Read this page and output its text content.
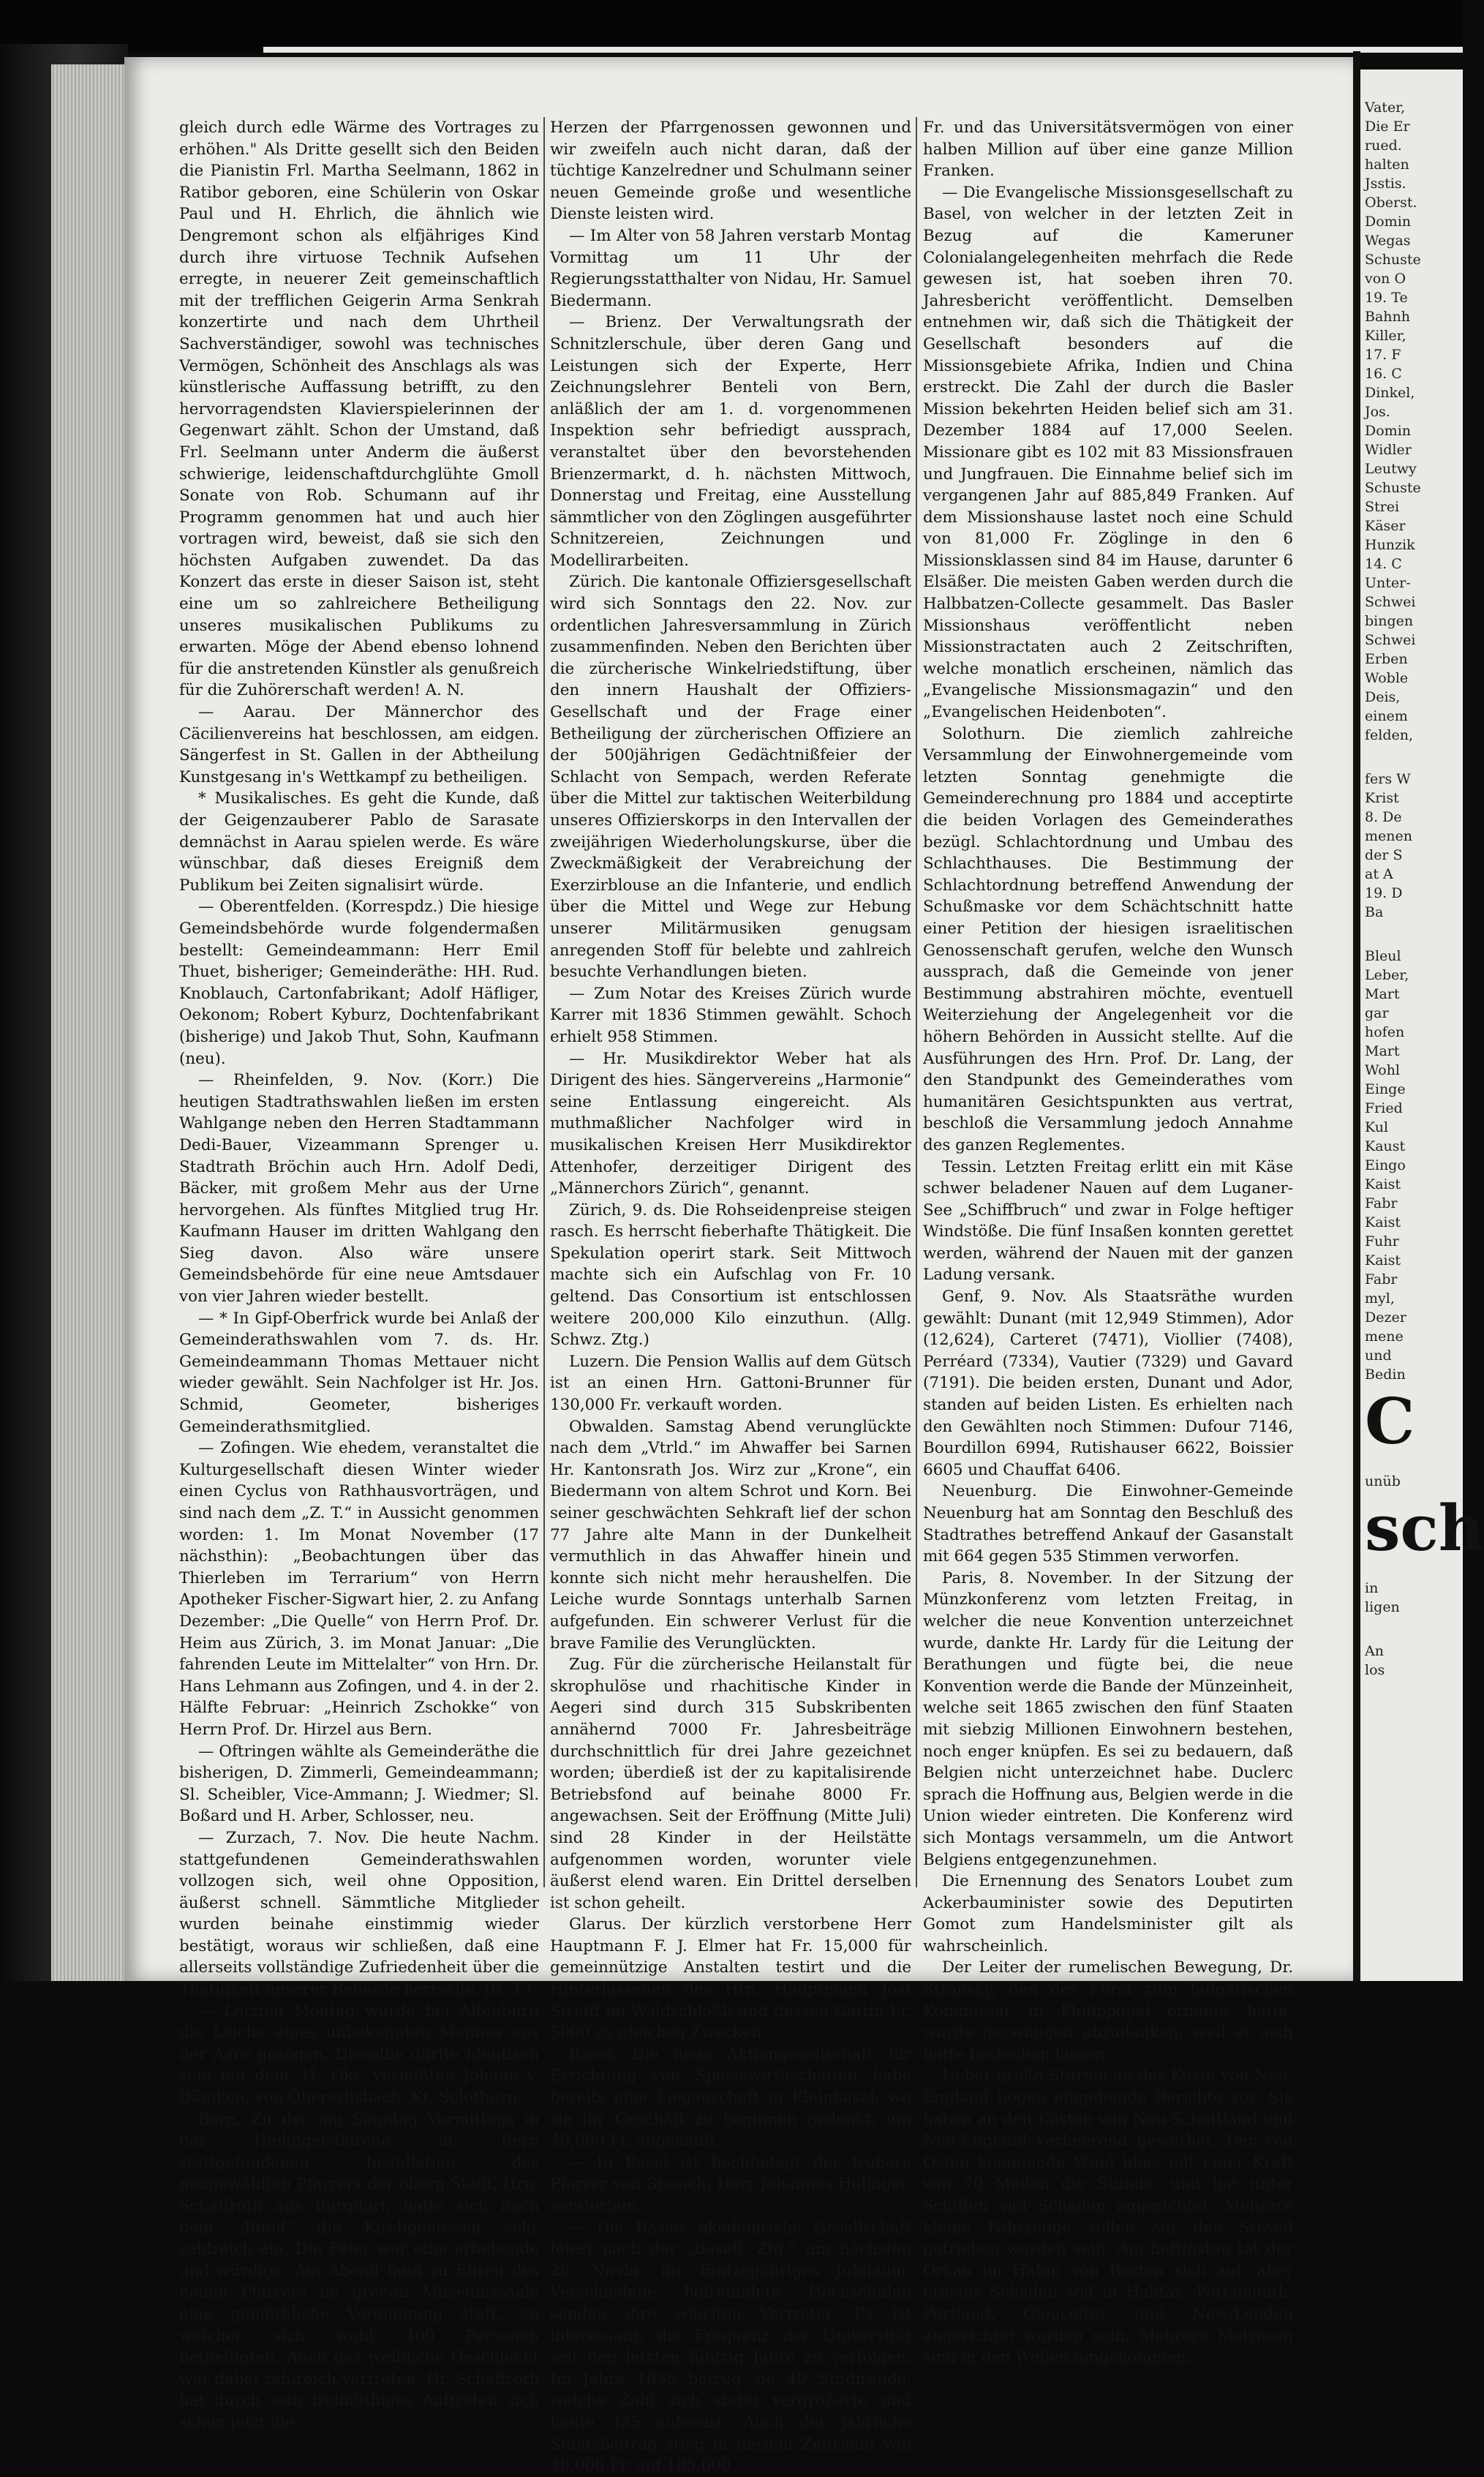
gleich durch edle Wärme des Vortrages zu erhöhen." Als Dritte gesellt sich den Beiden die Pianistin Frl. Martha Seelmann, 1862 in Ratibor geboren, eine Schülerin von Oskar Paul und H. Ehrlich, die ähnlich wie Dengremont schon als elfjähriges Kind durch ihre virtuose Technik Aufsehen erregte, in neuerer Zeit gemeinschaftlich mit der trefflichen Geigerin Arma Senkrah konzertirte und nach dem Uhrtheil Sachverständiger, sowohl was technisches Vermögen, Schönheit des Anschlags als was künstlerische Auffassung betrifft, zu den hervorragendsten Klavierspielerinnen der Gegenwart zählt. Schon der Umstand, daß Frl. Seelmann unter Anderm die äußerst schwierige, leidenschaftdurchglühte Gmoll Sonate von Rob. Schumann auf ihr Programm genommen hat und auch hier vortragen wird, beweist, daß sie sich den höchsten Aufgaben zuwendet. Da das Konzert das erste in dieser Saison ist, steht eine um so zahlreichere Betheiligung unseres musikalischen Publikums zu erwarten. Möge der Abend ebenso lohnend für die anstretenden Künstler als genußreich für die Zuhörerschaft werden! A. N.

— Aarau. Der Männerchor des Cäcilienvereins hat beschlossen, am eidgen. Sängerfest in St. Gallen in der Abtheilung Kunstgesang in's Wettkampf zu betheiligen.

* Musikalisches. Es geht die Kunde, daß der Geigenzauberer Pablo de Sarasate demnächst in Aarau spielen werde. Es wäre wünschbar, daß dieses Ereigniß dem Publikum bei Zeiten signalisirt würde.

— Oberentfelden. (Korrespdz.) Die hiesige Gemeindsbehörde wurde folgendermaßen bestellt: Gemeindeammann: Herr Emil Thuet, bisheriger; Gemeinderäthe: HH. Rud. Knoblauch, Cartonfabrikant; Adolf Häfliger, Oekonom; Robert Kyburz, Dochtenfabrikant (bisherige) und Jakob Thut, Sohn, Kaufmann (neu).

— Rheinfelden, 9. Nov. (Korr.) Die heutigen Stadtrathswahlen ließen im ersten Wahlgange neben den Herren Stadtammann Dedi-Bauer, Vizeammann Sprenger u. Stadtrath Bröchin auch Hrn. Adolf Dedi, Bäcker, mit großem Mehr aus der Urne hervorgehen. Als fünftes Mitglied trug Hr. Kaufmann Hauser im dritten Wahlgang den Sieg davon. Also wäre unsere Gemeindsbehörde für eine neue Amtsdauer von vier Jahren wieder bestellt.

— * In Gipf-Oberfrick wurde bei Anlaß der Gemeinderathswahlen vom 7. ds. Hr. Gemeindeammann Thomas Mettauer nicht wieder gewählt. Sein Nachfolger ist Hr. Jos. Schmid, Geometer, bisheriges Gemeinderathsmitglied.

— Zofingen. Wie ehedem, veranstaltet die Kulturgesellschaft diesen Winter wieder einen Cyclus von Rathhausvorträgen, und sind nach dem „Z. T.“ in Aussicht genommen worden: 1. Im Monat November (17 nächsthin): „Beobachtungen über das Thierleben im Terrarium“ von Herrn Apotheker Fischer-Sigwart hier, 2. zu Anfang Dezember: „Die Quelle“ von Herrn Prof. Dr. Heim aus Zürich, 3. im Monat Januar: „Die fahrenden Leute im Mittelalter“ von Hrn. Dr. Hans Lehmann aus Zofingen, und 4. in der 2. Hälfte Februar: „Heinrich Zschokke“ von Herrn Prof. Dr. Hirzel aus Bern.

— Oftringen wählte als Gemeinderäthe die bisherigen, D. Zimmerli, Gemeindeammann; Sl. Scheibler, Vice-Ammann; J. Wiedmer; Sl. Boßard und H. Arber, Schlosser, neu.

— Zurzach, 7. Nov. Die heute Nachm. stattgefundenen Gemeinderathswahlen vollzogen sich, weil ohne Opposition, äußerst schnell. Sämmtliche Mitglieder wurden beinahe einstimmig wieder bestätigt, woraus wir schließen, daß eine allerseits vollständige Zufriedenheit über die Thätigkeit unserer Behörde herrsche. (B. T.)

— Letzten Montag wurde bei Altenburg die Leiche eines unbekannten Mannes aus der Aare gezogen. Dieselbe dürfte identisch sein mit dem 31. Okt. vermißten Johann v. Däniken, von Obererlisbach, Kt. Solothurn.

Bern. Zu der am Sonntag Vormittags in der Heiliggeistkirche in Bern stattgefundenen Installation des neugewählten Pfarrers der obern Stadt, Hrn. Schaffroth aus Burgdorf, hatte sich nach dem „Bund“ die Kirchgenossen sehr zahlreich ein. Die Feier war eine erhebende und würdige. Am Abend fand zu Ehren des neuen Pfarrers im großen Museumssaale eine gemüthliche Vereinigung statt, an welcher sich wohl 400 Personen betheiligten. Auch das weibliche Geschlecht war dabei zahlreich vertreten. Hr. Schaffroth hat durch sein freimüthiges Auftreten sich schon jetzt die

Herzen der Pfarrgenossen gewonnen und wir zweifeln auch nicht daran, daß der tüchtige Kanzelredner und Schulmann seiner neuen Gemeinde große und wesentliche Dienste leisten wird.

— Im Alter von 58 Jahren verstarb Montag Vormittag um 11 Uhr der Regierungsstatthalter von Nidau, Hr. Samuel Biedermann.

— Brienz. Der Verwaltungsrath der Schnitzlerschule, über deren Gang und Leistungen sich der Experte, Herr Zeichnungslehrer Benteli von Bern, anläßlich der am 1. d. vorgenommenen Inspektion sehr befriedigt aussprach, veranstaltet über den bevorstehenden Brienzermarkt, d. h. nächsten Mittwoch, Donnerstag und Freitag, eine Ausstellung sämmtlicher von den Zöglingen ausgeführter Schnitzereien, Zeichnungen und Modellirarbeiten.

Zürich. Die kantonale Offiziersgesellschaft wird sich Sonntags den 22. Nov. zur ordentlichen Jahresversammlung in Zürich zusammenfinden. Neben den Berichten über die zürcherische Winkelriedstiftung, über den innern Haushalt der Offiziers-Gesellschaft und der Frage einer Betheiligung der zürcherischen Offiziere an der 500jährigen Gedächtnißfeier der Schlacht von Sempach, werden Referate über die Mittel zur taktischen Weiterbildung unseres Offizierskorps in den Intervallen der zweijährigen Wiederholungskurse, über die Zweckmäßigkeit der Verabreichung der Exerzirblouse an die Infanterie, und endlich über die Mittel und Wege zur Hebung unserer Militärmusiken genugsam anregenden Stoff für belebte und zahlreich besuchte Verhandlungen bieten.

— Zum Notar des Kreises Zürich wurde Karrer mit 1836 Stimmen gewählt. Schoch erhielt 958 Stimmen.

— Hr. Musikdirektor Weber hat als Dirigent des hies. Sängervereins „Harmonie“ seine Entlassung eingereicht. Als muthmaßlicher Nachfolger wird in musikalischen Kreisen Herr Musikdirektor Attenhofer, derzeitiger Dirigent des „Männerchors Zürich“, genannt.

Zürich, 9. ds. Die Rohseidenpreise steigen rasch. Es herrscht fieberhafte Thätigkeit. Die Spekulation operirt stark. Seit Mittwoch machte sich ein Aufschlag von Fr. 10 geltend. Das Consortium ist entschlossen weitere 200,000 Kilo einzuthun. (Allg. Schwz. Ztg.)

Luzern. Die Pension Wallis auf dem Gütsch ist an einen Hrn. Gattoni-Brunner für 130,000 Fr. verkauft worden.

Obwalden. Samstag Abend verunglückte nach dem „Vtrld.“ im Ahwaffer bei Sarnen Hr. Kantonsrath Jos. Wirz zur „Krone“, ein Biedermann von altem Schrot und Korn. Bei seiner geschwächten Sehkraft lief der schon 77 Jahre alte Mann in der Dunkelheit vermuthlich in das Ahwaffer hinein und konnte sich nicht mehr heraushelfen. Die Leiche wurde Sonntags unterhalb Sarnen aufgefunden. Ein schwerer Verlust für die brave Familie des Verunglückten.

Zug. Für die zürcherische Heilanstalt für skrophulöse und rhachitische Kinder in Aegeri sind durch 315 Subskribenten annähernd 7000 Fr. Jahresbeiträge durchschnittlich für drei Jahre gezeichnet worden; überdieß ist der zu kapitalisirende Betriebsfond auf beinahe 8000 Fr. angewachsen. Seit der Eröffnung (Mitte Juli) sind 28 Kinder in der Heilstätte aufgenommen worden, worunter viele äußerst elend waren. Ein Drittel derselben ist schon geheilt.

Glarus. Der kürzlich verstorbene Herr Hauptmann F. J. Elmer hat Fr. 15,000 für gemeinnützige Anstalten testirt und die Hinterlassenen des Hrn. Hauptmann Jost Streiff im Waldschlößli und dessen Gattin Fr. 5000 zu gleichen Zwecken.

Basel. Die neue Aktiengesellschaft für Errichtung von Speisewirthschaften habe bereits eine Liegenschaft in Kleinbasel, wo sie ihr Geschäft zu beginnen gedenkt, um 40,000 Fr. angekauft.

— In Basel ist hochbetagt der frühere Pfarrer von Sissach, Herr Johannes Holinger, verstorben.

— Die Basler akademische Gesellschaft feiert nach der „Basell. Ztg.“ am nächsten 26. Novbr. ihr fünfzigjähriges Jubiläum. Verschiedene befreundete Hochschulen senden ihre wägsten Vertreter. Es ist interessant, die Frequenz der Universität seit den letzten fünfzig Jahre zu verfolgen. Im Jahre 1835 betrug sie 40 Studirende, welche Zahl sich stetig vergrößerte und heute 325 aufweist. Auch der jährliche Staatsbeitrag stieg in diesem Zeitraum von 40,000 Fr. auf 185,000

Fr. und das Universitätsvermögen von einer halben Million auf über eine ganze Million Franken.

— Die Evangelische Missionsgesellschaft zu Basel, von welcher in der letzten Zeit in Bezug auf die Kameruner Colonialangelegenheiten mehrfach die Rede gewesen ist, hat soeben ihren 70. Jahresbericht veröffentlicht. Demselben entnehmen wir, daß sich die Thätigkeit der Gesellschaft besonders auf die Missionsgebiete Afrika, Indien und China erstreckt. Die Zahl der durch die Basler Mission bekehrten Heiden belief sich am 31. Dezember 1884 auf 17,000 Seelen. Missionare gibt es 102 mit 83 Missionsfrauen und Jungfrauen. Die Einnahme belief sich im vergangenen Jahr auf 885,849 Franken. Auf dem Missionshause lastet noch eine Schuld von 81,000 Fr. Zöglinge in den 6 Missionsklassen sind 84 im Hause, darunter 6 Elsäßer. Die meisten Gaben werden durch die Halbbatzen-Collecte gesammelt. Das Basler Missionshaus veröffentlicht neben Missionstractaten auch 2 Zeitschriften, welche monatlich erscheinen, nämlich das „Evangelische Missionsmagazin“ und den „Evangelischen Heidenboten“.

Solothurn. Die ziemlich zahlreiche Versammlung der Einwohnergemeinde vom letzten Sonntag genehmigte die Gemeinderechnung pro 1884 und acceptirte die beiden Vorlagen des Gemeinderathes bezügl. Schlachtordnung und Umbau des Schlachthauses. Die Bestimmung der Schlachtordnung betreffend Anwendung der Schußmaske vor dem Schächtschnitt hatte einer Petition der hiesigen israelitischen Genossenschaft gerufen, welche den Wunsch aussprach, daß die Gemeinde von jener Bestimmung abstrahiren möchte, eventuell Weiterziehung der Angelegenheit vor die höhern Behörden in Aussicht stellte. Auf die Ausführungen des Hrn. Prof. Dr. Lang, der den Standpunkt des Gemeinderathes vom humanitären Gesichtspunkten aus vertrat, beschloß die Versammlung jedoch Annahme des ganzen Reglementes.

Tessin. Letzten Freitag erlitt ein mit Käse schwer beladener Nauen auf dem Luganer-See „Schiffbruch“ und zwar in Folge heftiger Windstöße. Die fünf Insaßen konnten gerettet werden, während der Nauen mit der ganzen Ladung versank.

Genf, 9. Nov. Als Staatsräthe wurden gewählt: Dunant (mit 12,949 Stimmen), Ador (12,624), Carteret (7471), Viollier (7408), Perréard (7334), Vautier (7329) und Gavard (7191). Die beiden ersten, Dunant und Ador, standen auf beiden Listen. Es erhielten nach den Gewählten noch Stimmen: Dufour 7146, Bourdillon 6994, Rutishauser 6622, Boissier 6605 und Chauffat 6406.

Neuenburg. Die Einwohner-Gemeinde Neuenburg hat am Sonntag den Beschluß des Stadtrathes betreffend Ankauf der Gasanstalt mit 664 gegen 535 Stimmen verworfen.

Paris, 8. November. In der Sitzung der Münzkonferenz vom letzten Freitag, in welcher die neue Konvention unterzeichnet wurde, dankte Hr. Lardy für die Leitung der Berathungen und fügte bei, die neue Konvention werde die Bande der Münzeinheit, welche seit 1865 zwischen den fünf Staaten mit siebzig Millionen Einwohnern bestehen, noch enger knüpfen. Es sei zu bedauern, daß Belgien nicht unterzeichnet habe. Duclerc sprach die Hoffnung aus, Belgien werde in die Union wieder eintreten. Die Konferenz wird sich Montags versammeln, um die Antwort Belgiens entgegenzunehmen.

Die Ernennung des Senators Loubet zum Ackerbauminister sowie des Deputirten Gomot zum Handelsminister gilt als wahrscheinlich.

Der Leiter der rumelischen Bewegung, Dr. Stransky, den der Fürst zum bulgarischen Kommissär in Philippopel ernannt hatte, wurde gezwungen abzudanken, weil er sich hatte bestechen lassen.

Ueber große Stürme an der Küste von Neu-England liegen eingehende Berichte vor. Sie haben an den Küsten von Neu-Schottland und Neu-England verheerend gewüthet. Der von Osten kommende Wind blies mit einer Kraft von 70 Meilen die Stunde, und hat unter Schiffen viel Schaden angerichtet. Mehrere kleine Fahrzeuge sollen auf den Strand getrieben worden sein. Am heftigsten tat der Orkan im Hafen von Boston sich auf; aber ernster Schaden soll in Halifax, Portsmouth, Portland, Glouceſter und New-London angerichtet worden sein. Mehrere Matrosen sind in den Wellen umgekommen.

Vater,
Die Er
rued.
halten
Jsstis.
Oberst.
Domin
Wegas
Schuste
von O
19. Te
Bahnh
Killer,
17. F
16. C
Dinkel,
Jos.
Domin
Widler
Leutwy
Schuste
Strei
Käser
Hunzik
14. C
Unter-
Schwei
bingen
Schwei
Erben
Woble
Deis,
einem
felden,
fers W
Krist
8. De
menen
der S
at A
19. D
Ba
Bleul
Leber,
Mart
gar
hofen
Mart
Wohl
Einge
Fried
Kul
Kaust
Eingo
Kaist
Fabr
Kaist
Fuhr
Kaist
Fabr
myl,
Dezer
mene
und
Bedin
C
unüb
sch
in
ligen
An
los
